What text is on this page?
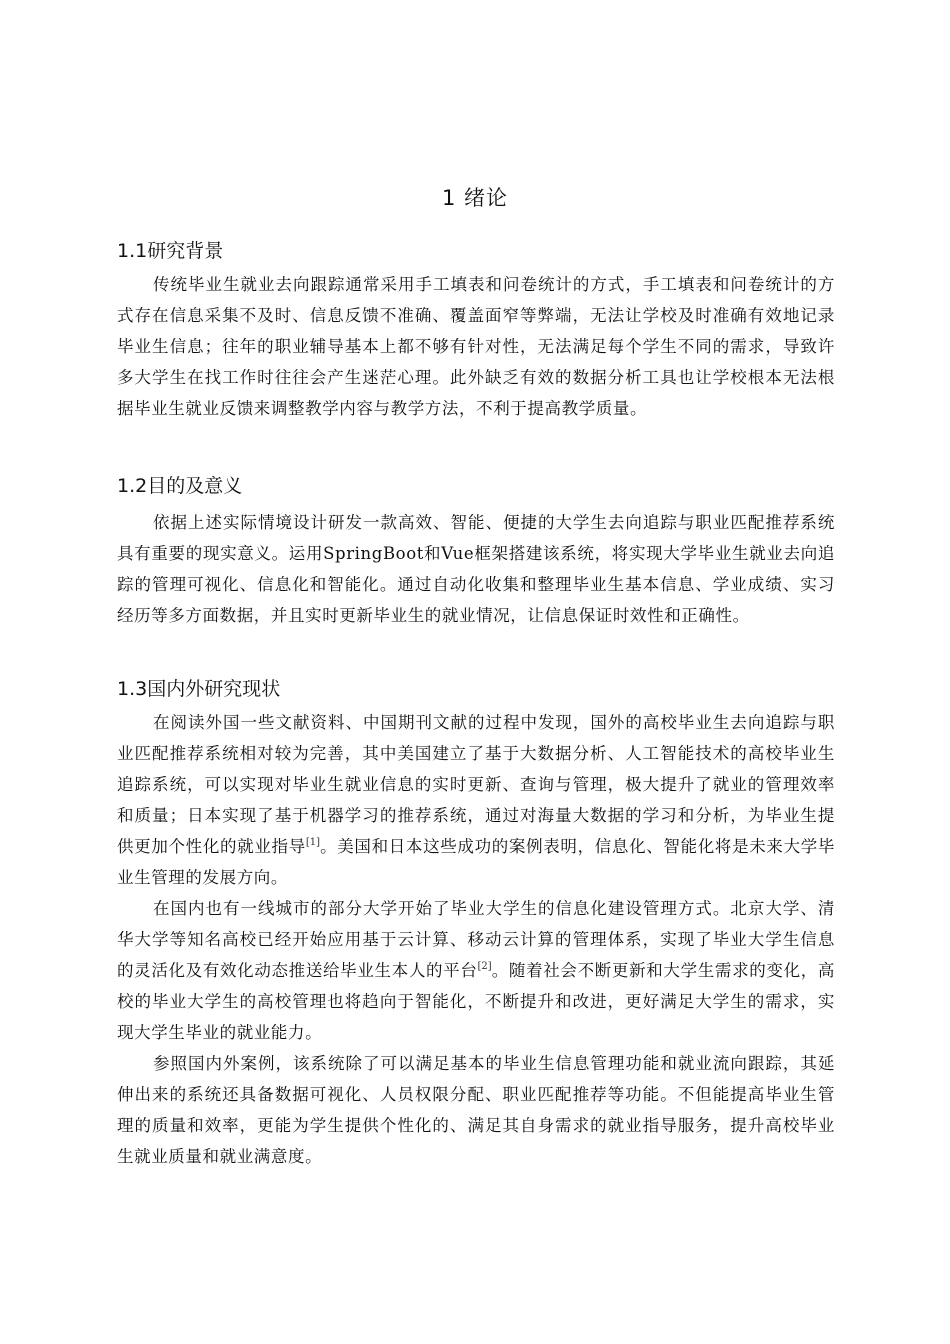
1 绪论
1.1研究背景

传统毕业生就业去向跟踪通常采用手工填表和问卷统计的方式，手工填表和问卷统计的方式存在信息采集不及时、信息反馈不准确、覆盖面窄等弊端，无法让学校及时准确有效地记录毕业生信息；往年的职业辅导基本上都不够有针对性，无法满足每个学生不同的需求，导致许多大学生在找工作时往往会产生迷茫心理。此外缺乏有效的数据分析工具也让学校根本无法根据毕业生就业反馈来调整教学内容与教学方法，不利于提高教学质量。

1.2目的及意义

依据上述实际情境设计研发一款高效、智能、便捷的大学生去向追踪与职业匹配推荐系统具有重要的现实意义。运用SpringBoot和Vue框架搭建该系统，将实现大学毕业生就业去向追踪的管理可视化、信息化和智能化。通过自动化收集和整理毕业生基本信息、学业成绩、实习经历等多方面数据，并且实时更新毕业生的就业情况，让信息保证时效性和正确性。

1.3国内外研究现状

在阅读外国一些文献资料、中国期刊文献的过程中发现，国外的高校毕业生去向追踪与职业匹配推荐系统相对较为完善，其中美国建立了基于大数据分析、人工智能技术的高校毕业生追踪系统，可以实现对毕业生就业信息的实时更新、查询与管理，极大提升了就业的管理效率和质量；日本实现了基于机器学习的推荐系统，通过对海量大数据的学习和分析，为毕业生提供更加个性化的就业指导[1]。美国和日本这些成功的案例表明，信息化、智能化将是未来大学毕业生管理的发展方向。

在国内也有一线城市的部分大学开始了毕业大学生的信息化建设管理方式。北京大学、清华大学等知名高校已经开始应用基于云计算、移动云计算的管理体系，实现了毕业大学生信息的灵活化及有效化动态推送给毕业生本人的平台[2]。随着社会不断更新和大学生需求的变化，高校的毕业大学生的高校管理也将趋向于智能化，不断提升和改进，更好满足大学生的需求，实现大学生毕业的就业能力。

参照国内外案例，该系统除了可以满足基本的毕业生信息管理功能和就业流向跟踪，其延伸出来的系统还具备数据可视化、人员权限分配、职业匹配推荐等功能。不但能提高毕业生管理的质量和效率，更能为学生提供个性化的、满足其自身需求的就业指导服务，提升高校毕业生就业质量和就业满意度。
